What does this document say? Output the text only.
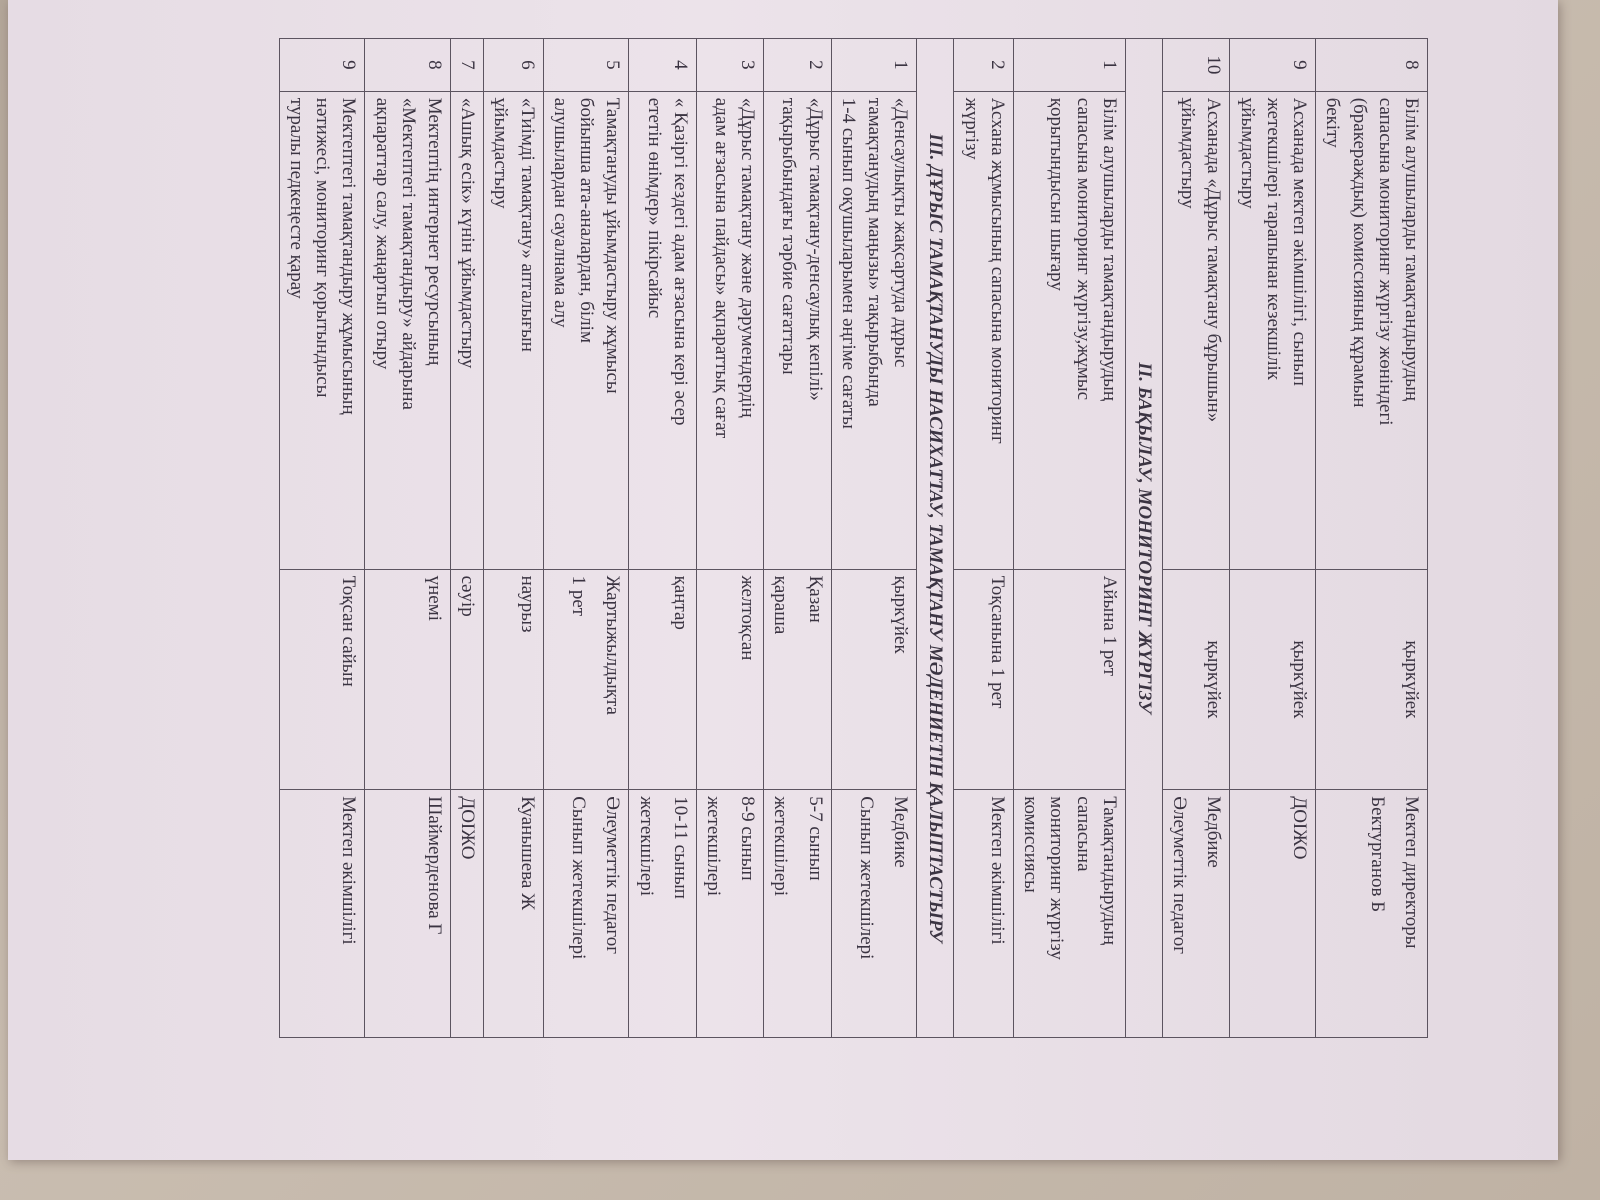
8	Білім алушыларды тамақтандырудың
сапасына мониторинг жүргізу жөніндегі
(бракераждық) комиссияның құрамын
бекіту	қыркүйек	Мектеп директоры
Бектурганов Б

9	Асханада мектеп әкімшілігі, сынып
жетекшілері тарапынан кезекшілік
ұйымдастыру	қыркүйек	ДОІЖО

10	Асханада «Дұрыс тамақтану бұрышын»
ұйымдастыру	қыркүйек	Медбике
Әлеуметтік педагог

ІІ. БАҚЫЛАУ, МОНИТОРИНГ ЖҮРГІЗУ			
1	Білім алушыларды тамақтандырудың
сапасына мониторинг жүргізу,жұмыс
қорытындысын шығару	Айына 1 рет	Тамақтандырудың
сапасына
мониторинг жүргізу
комиссиясы

2	Асхана жұмысының сапасына мониторинг
жүргізу	Тоқсанына 1 рет	Мектеп әкімшілігі

ІІІ. ДҰРЫС ТАМАҚТАНУДЫ НАСИХАТТАУ, ТАМАҚТАНУ МӘДЕНИЕТІН ҚАЛЫПТАСТЫРУ			
1	«Денсаулықты жақсартуда дұрыс
тамақтанудың маңызы» тақырыбында
1-4 сынып оқушыларымен әңгіме сағаты	қыркүйек	Медбике
Сынып жетекшілері

2	«Дұрыс тамақтану-денсаулық кепілі»
тақырыбындағы тәрбие сағаттары	Қазан
қараша	5-7 сынып
жетекшілері

3	«Дұрыс тамақтану және дәрумендердің
адам ағзасына пайдасы» ақпараттық сағат	желтоқсан	8-9 сынып
жетекшілері

4	« Қазіргі кездегі адам ағзасына кері әсер
ететін өнімдер» пікірсайыс	қаңтар	10-11 сынып
жетекшілері

5	Тамақтануды ұйымдастыру жұмысы
бойынша ата-аналардан, білім
алушылардан сауалнама алу	Жартыжылдықта
1 рет	Әлеуметтік педагог
Сынып жетекшілері

6	«Тиімді тамақтану» апталығын
ұйымдастыру	наурыз	Куанышева Ж

7	«Ашық есік» күнін ұйымдастыру	сәуір	ДОІЖО

8	Мектептің интернет ресурсының
«Мектептегі тамақтандыру» айдарына
ақпараттар салу, жаңартып отыру	үнемі	Шаймерденова Г

9	Мектептегі тамақтандыру жұмысының
нәтижесі, мониторинг қорытындысы
туралы педкеңесте қарау	Тоқсан сайын	Мектеп әкімшілігі
